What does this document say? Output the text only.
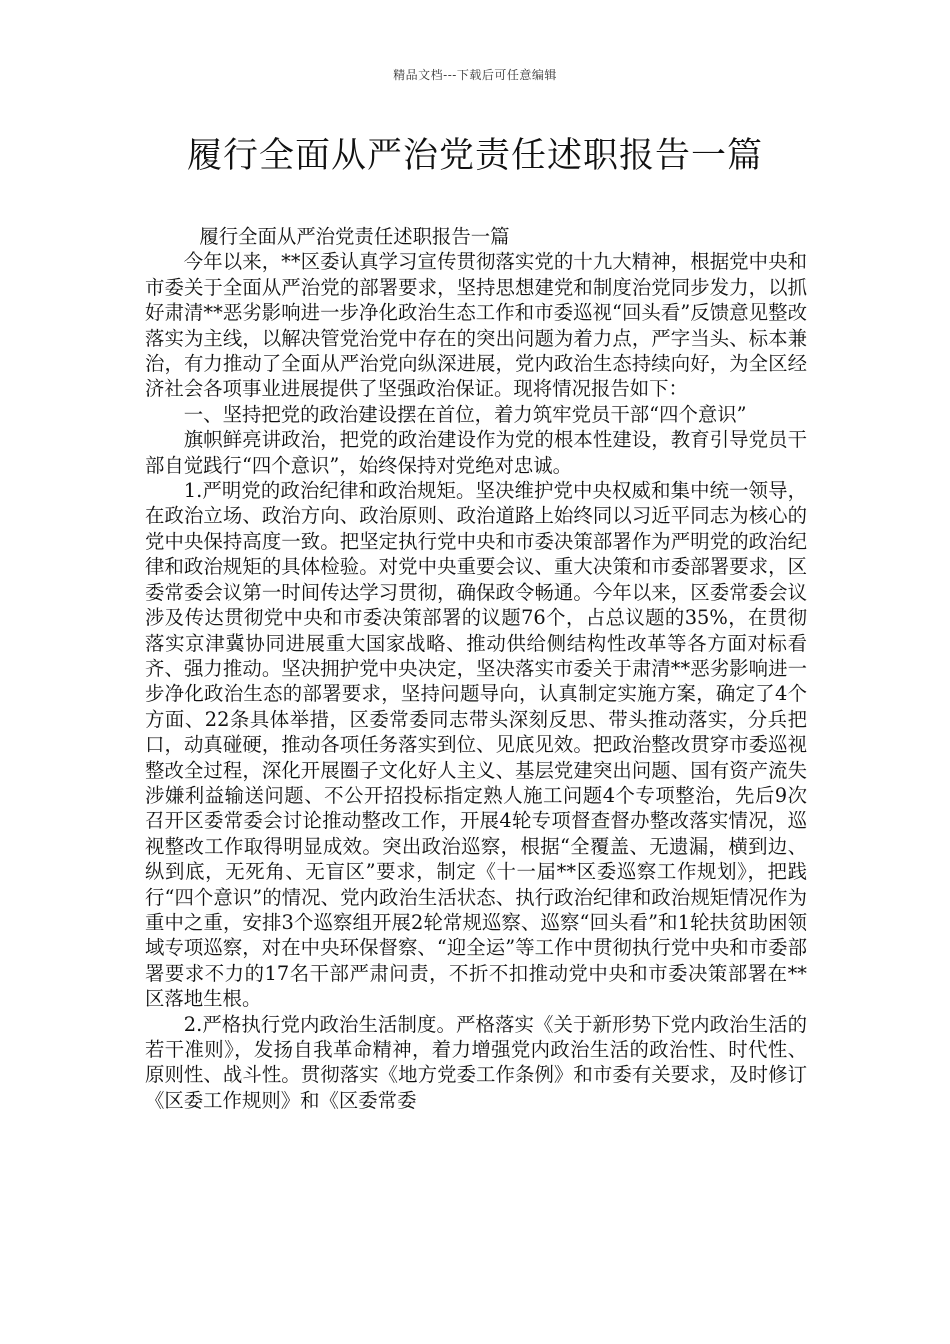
精品文档---下载后可任意编辑
履行全面从严治党责任述职报告一篇

履行全面从严治党责任述职报告一篇

今年以来，**区委认真学习宣传贯彻落实党的十九大精神，根据党中央和市委关于全面从严治党的部署要求，坚持思想建党和制度治党同步发力，以抓好肃清**恶劣影响进一步净化政治生态工作和市委巡视“回头看”反馈意见整改落实为主线，以解决管党治党中存在的突出问题为着力点，严字当头、标本兼治，有力推动了全面从严治党向纵深进展，党内政治生态持续向好，为全区经济社会各项事业进展提供了坚强政治保证。现将情况报告如下：

一、坚持把党的政治建设摆在首位，着力筑牢党员干部“四个意识”

旗帜鲜亮讲政治，把党的政治建设作为党的根本性建设，教育引导党员干部自觉践行“四个意识”，始终保持对党绝对忠诚。

1.严明党的政治纪律和政治规矩。坚决维护党中央权威和集中统一领导，在政治立场、政治方向、政治原则、政治道路上始终同以习近平同志为核心的党中央保持高度一致。把坚定执行党中央和市委决策部署作为严明党的政治纪律和政治规矩的具体检验。对党中央重要会议、重大决策和市委部署要求，区委常委会议第一时间传达学习贯彻，确保政令畅通。今年以来，区委常委会议涉及传达贯彻党中央和市委决策部署的议题76个，占总议题的35%，在贯彻落实京津冀协同进展重大国家战略、推动供给侧结构性改革等各方面对标看齐、强力推动。坚决拥护党中央决定，坚决落实市委关于肃清**恶劣影响进一步净化政治生态的部署要求，坚持问题导向，认真制定实施方案，确定了4个方面、22条具体举措，区委常委同志带头深刻反思、带头推动落实，分兵把口，动真碰硬，推动各项任务落实到位、见底见效。把政治整改贯穿市委巡视整改全过程，深化开展圈子文化好人主义、基层党建突出问题、国有资产流失涉嫌利益输送问题、不公开招投标指定熟人施工问题4个专项整治，先后9次召开区委常委会讨论推动整改工作，开展4轮专项督查督办整改落实情况，巡视整改工作取得明显成效。突出政治巡察，根据“全覆盖、无遗漏，横到边、纵到底，无死角、无盲区”要求，制定《十一届**区委巡察工作规划》，把践行“四个意识”的情况、党内政治生活状态、执行政治纪律和政治规矩情况作为重中之重，安排3个巡察组开展2轮常规巡察、巡察“回头看”和1轮扶贫助困领域专项巡察，对在中央环保督察、“迎全运”等工作中贯彻执行党中央和市委部署要求不力的17名干部严肃问责，不折不扣推动党中央和市委决策部署在**区落地生根。

2.严格执行党内政治生活制度。严格落实《关于新形势下党内政治生活的若干准则》，发扬自我革命精神，着力增强党内政治生活的政治性、时代性、原则性、战斗性。贯彻落实《地方党委工作条例》和市委有关要求，及时修订《区委工作规则》和《区委常委
